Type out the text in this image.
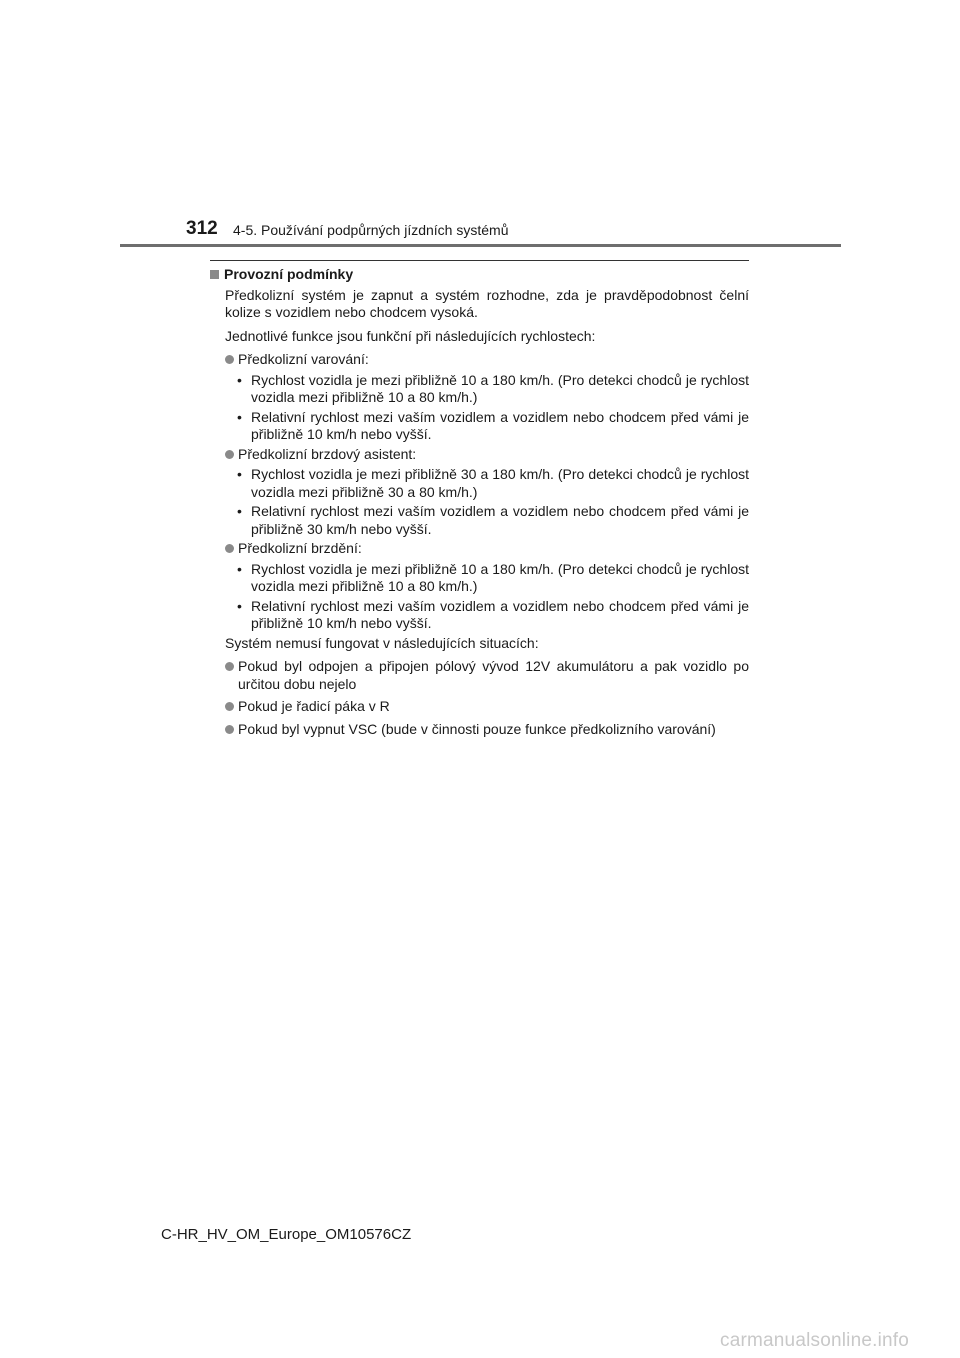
312 4-5. Používání podpůrných jízdních systémů
Provozní podmínky

Předkolizní systém je zapnut a systém rozhodne, zda je pravděpodobnost čelní kolize s vozidlem nebo chodcem vysoká.

Jednotlivé funkce jsou funkční při následujících rychlostech:

Předkolizní varování:
• Rychlost vozidla je mezi přibližně 10 a 180 km/h. (Pro detekci chodců je rychlost vozidla mezi přibližně 10 a 80 km/h.)
• Relativní rychlost mezi vaším vozidlem a vozidlem nebo chodcem před vámi je přibližně 10 km/h nebo vyšší.
Předkolizní brzdový asistent:
• Rychlost vozidla je mezi přibližně 30 a 180 km/h. (Pro detekci chodců je rychlost vozidla mezi přibližně 30 a 80 km/h.)
• Relativní rychlost mezi vaším vozidlem a vozidlem nebo chodcem před vámi je přibližně 30 km/h nebo vyšší.
Předkolizní brzdění:
• Rychlost vozidla je mezi přibližně 10 a 180 km/h. (Pro detekci chodců je rychlost vozidla mezi přibližně 10 a 80 km/h.)
• Relativní rychlost mezi vaším vozidlem a vozidlem nebo chodcem před vámi je přibližně 10 km/h nebo vyšší.

Systém nemusí fungovat v následujících situacích:

Pokud byl odpojen a připojen pólový vývod 12V akumulátoru a pak vozidlo po určitou dobu nejelo
Pokud je řadicí páka v R
Pokud byl vypnut VSC (bude v činnosti pouze funkce předkolizního varování)
C-HR_HV_OM_Europe_OM10576CZ
carmanualsonline.info
